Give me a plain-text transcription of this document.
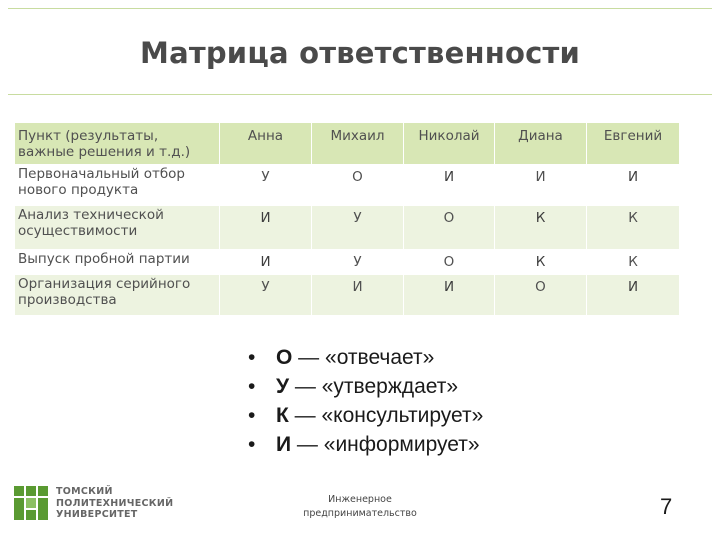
Матрица ответственности
Пункт (результаты, важные решения и т.д.)	Анна	Михаил	Николай	Диана	Евгений
Первоначальный отбор нового продукта	У	О	И	И	И
Анализ технической осуществимости	И	У	О	К	К
Выпуск пробной партии	И	У	О	К	К
Организация серийного производства	У	И	И	О	И
• О — «отвечает»
• У — «утверждает»
• К — «консультирует»
• И — «информирует»
ТОМСКИЙ
ПОЛИТЕХНИЧЕСКИЙ
УНИВЕРСИТЕТ
Инженерное
предпринимательство	7
